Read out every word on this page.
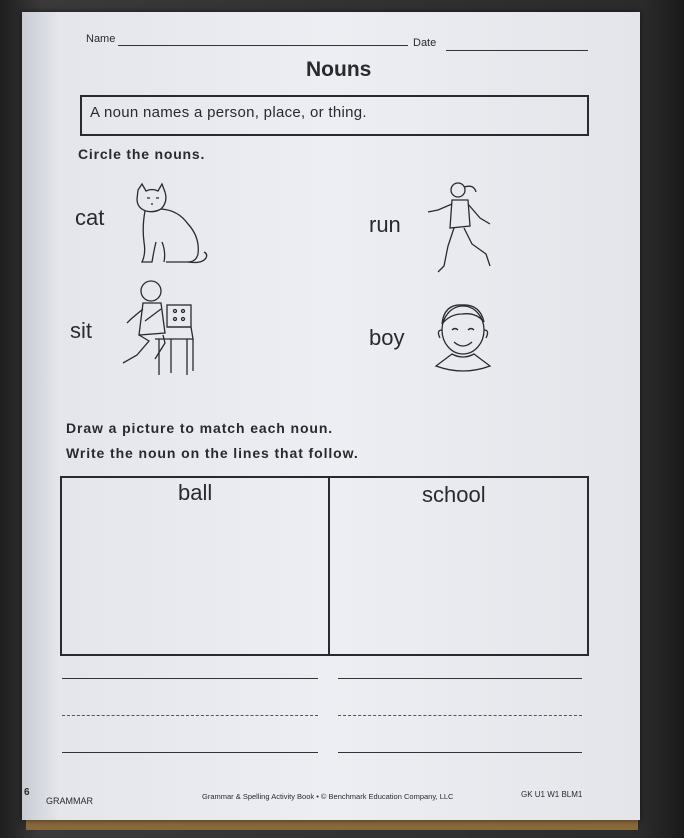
Name	Date
Nouns
A noun names a person, place, or thing.
Circle the nouns.
cat	run
sit	boy
Draw a picture to match each noun.
Write the noun on the lines that follow.
ball	school
6
GRAMMAR	Grammar & Spelling Activity Book • © Benchmark Education Company, LLC	GK U1 W1 BLM1
